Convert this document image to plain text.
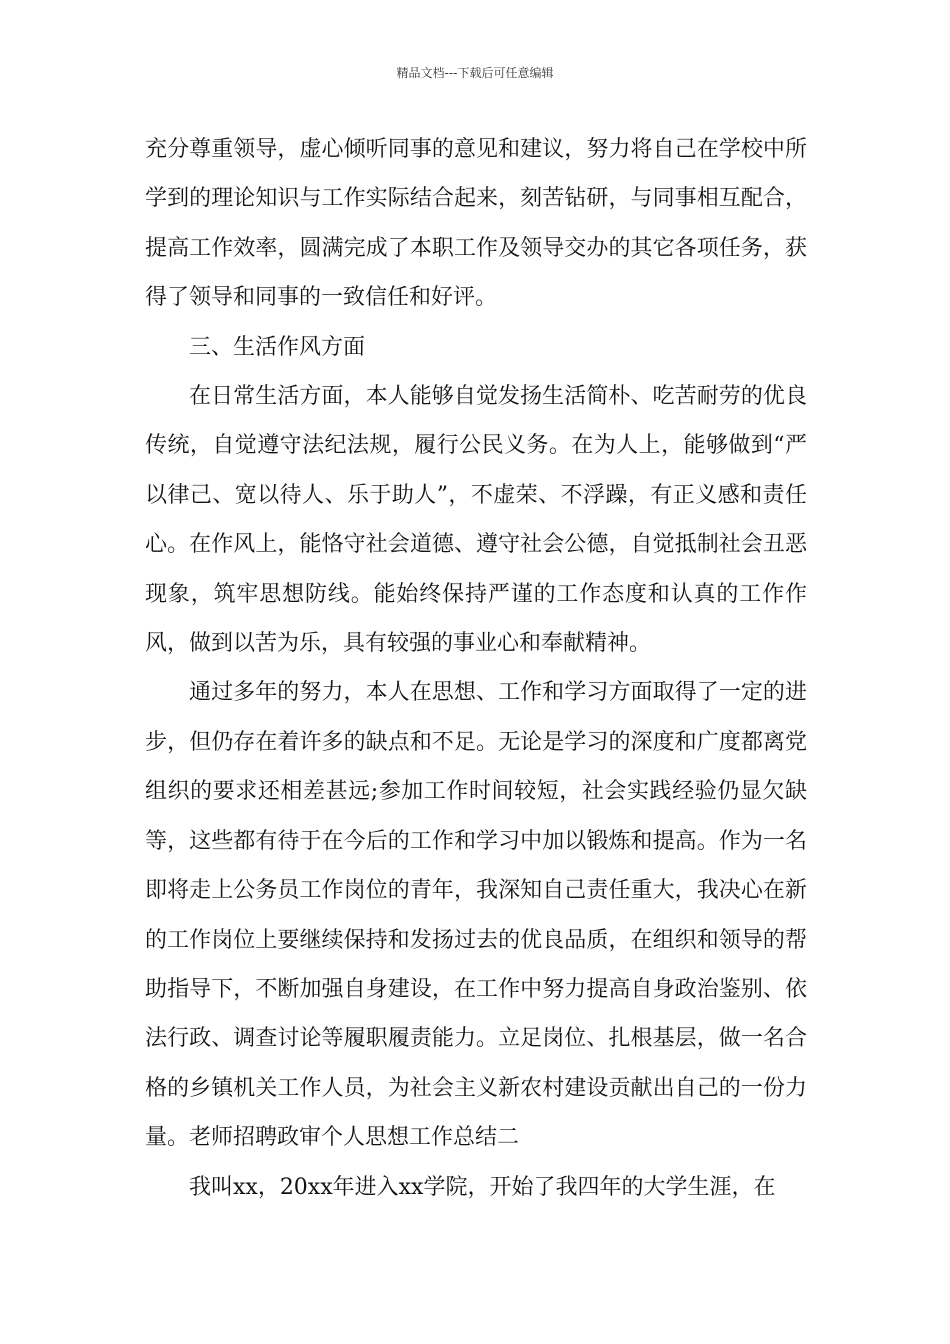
精品文档---下载后可任意编辑

充分尊重领导，虚心倾听同事的意见和建议，努力将自己在学校中所学到的理论知识与工作实际结合起来，刻苦钻研，与同事相互配合，提高工作效率，圆满完成了本职工作及领导交办的其它各项任务，获得了领导和同事的一致信任和好评。

三、生活作风方面

在日常生活方面，本人能够自觉发扬生活简朴、吃苦耐劳的优良传统，自觉遵守法纪法规，履行公民义务。在为人上，能够做到“严以律己、宽以待人、乐于助人”，不虚荣、不浮躁，有正义感和责任心。在作风上，能恪守社会道德、遵守社会公德，自觉抵制社会丑恶现象，筑牢思想防线。能始终保持严谨的工作态度和认真的工作作风，做到以苦为乐，具有较强的事业心和奉献精神。

通过多年的努力，本人在思想、工作和学习方面取得了一定的进步，但仍存在着许多的缺点和不足。无论是学习的深度和广度都离党组织的要求还相差甚远;参加工作时间较短，社会实践经验仍显欠缺等，这些都有待于在今后的工作和学习中加以锻炼和提高。作为一名即将走上公务员工作岗位的青年，我深知自己责任重大，我决心在新的工作岗位上要继续保持和发扬过去的优良品质，在组织和领导的帮助指导下，不断加强自身建设，在工作中努力提高自身政治鉴别、依法行政、调查讨论等履职履责能力。立足岗位、扎根基层，做一名合格的乡镇机关工作人员，为社会主义新农村建设贡献出自己的一份力量。老师招聘政审个人思想工作总结二

我叫xx，20xx年进入xx学院，开始了我四年的大学生涯，在
